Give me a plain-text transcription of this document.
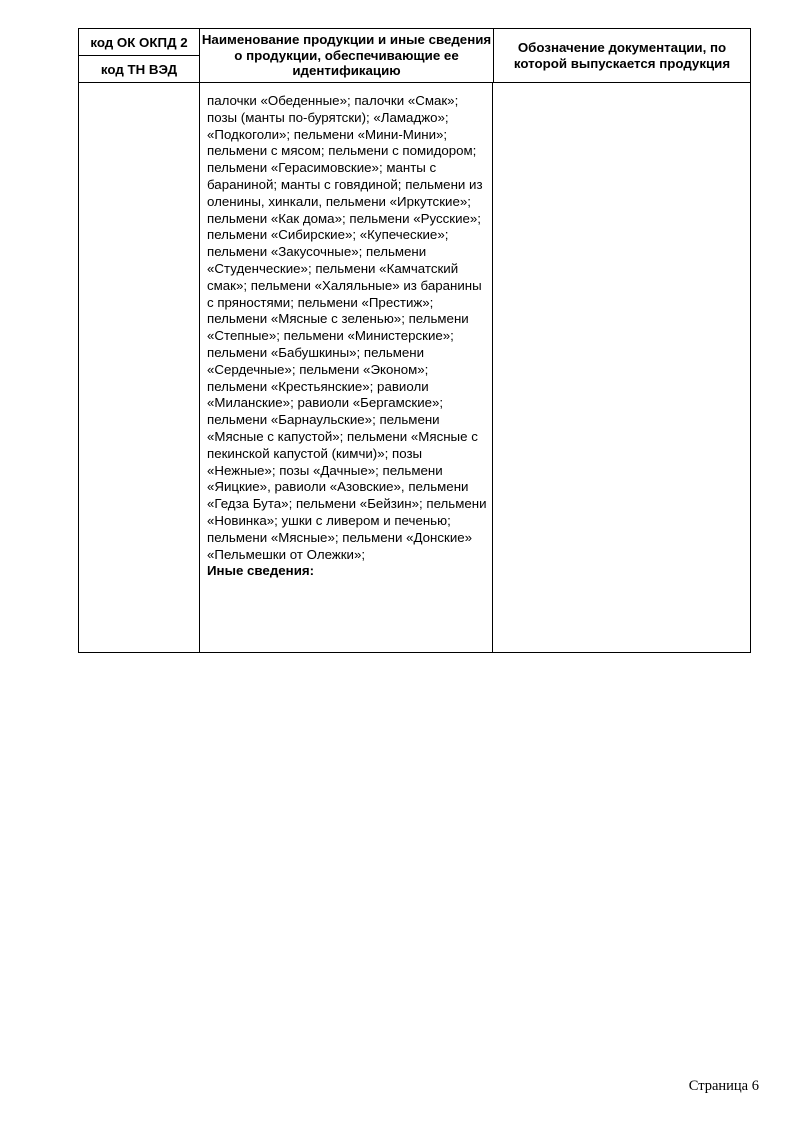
код ОК ОКПД 2
код ТН ВЭД
Наименование продукции и иные сведения о продукции, обеспечивающие ее идентификацию
Обозначение документации, по которой выпускается продукция
палочки «Обеденные»; палочки «Смак»; позы (манты по-бурятски); «Ламаджо»; «Подкоголи»; пельмени «Мини-Мини»; пельмени с мясом; пельмени с помидором; пельмени «Герасимовские»; манты с бараниной; манты с говядиной; пельмени из оленины, хинкали, пельмени «Иркутские»; пельмени «Как дома»; пельмени «Русские»; пельмени «Сибирские»; «Купеческие»; пельмени «Закусочные»; пельмени «Студенческие»; пельмени «Камчатский смак»; пельмени «Халяльные» из баранины с пряностями; пельмени «Престиж»; пельмени «Мясные с зеленью»; пельмени «Степные»; пельмени «Министерские»; пельмени «Бабушкины»; пельмени «Сердечные»; пельмени «Эконом»; пельмени «Крестьянские»; равиоли «Миланские»; равиоли «Бергамские»; пельмени «Барнаульские»; пельмени «Мясные с капустой»; пельмени «Мясные с пекинской капустой (кимчи)»; позы «Нежные»; позы «Дачные»; пельмени «Яицкие», равиоли «Азовские», пельмени «Гедза Бута»; пельмени «Бейзин»; пельмени «Новинка»; ушки с ливером и печенью; пельмени «Мясные»; пельмени «Донские» «Пельмешки от Олежки»;
Иные сведения:
Страница 6
